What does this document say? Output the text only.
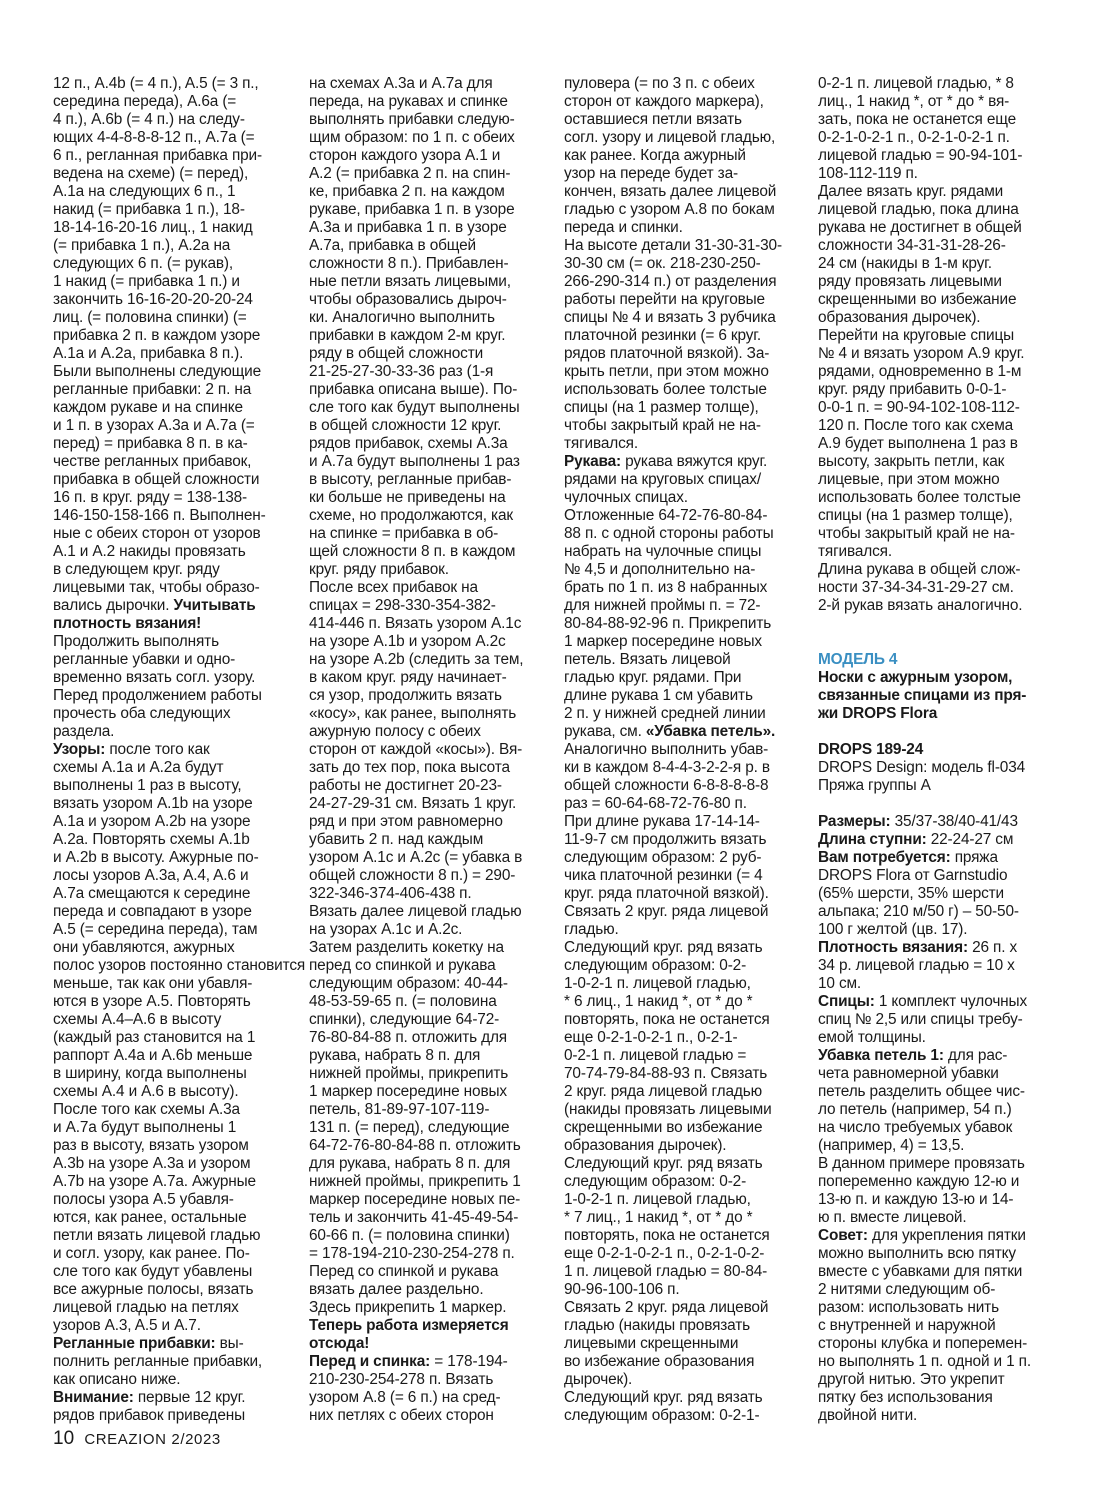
12 п., A.4b (= 4 п.), A.5 (= 3 п.,
середина переда), A.6a (=
4 п.), A.6b (= 4 п.) на следу-
ющих 4-4-8-8-8-12 п., A.7a (=
6 п., регланная прибавка при-
ведена на схеме) (= перед),
A.1a на следующих 6 п., 1
накид (= прибавка 1 п.), 18-
18-14-16-20-16 лиц., 1 накид
(= прибавка 1 п.), A.2a на
следующих 6 п. (= рукав),
1 накид (= прибавка 1 п.) и
закончить 16-16-20-20-20-24
лиц. (= половина спинки) (=
прибавка 2 п. в каждом узоре
A.1a и A.2a, прибавка 8 п.).
Были выполнены следующие
регланные прибавки: 2 п. на
каждом рукаве и на спинке
и 1 п. в узорах A.3a и A.7a (=
перед) = прибавка 8 п. в ка-
честве регланных прибавок,
прибавка в общей сложности
16 п. в круг. ряду = 138-138-
146-150-158-166 п. Выполнен-
ные с обеих сторон от узоров
A.1 и A.2 накиды провязать
в следующем круг. ряду
лицевыми так, чтобы образо-
вались дырочки. Учитывать
плотность вязания!
Продолжить выполнять
регланные убавки и одно-
временно вязать согл. узору.
Перед продолжением работы
прочесть оба следующих
раздела.
Узоры: после того как
схемы A.1a и A.2a будут
выполнены 1 раз в высоту,
вязать узором A.1b на узоре
A.1a и узором A.2b на узоре
A.2a. Повторять схемы A.1b
и A.2b в высоту. Ажурные по-
лосы узоров A.3a, A.4, A.6 и
A.7a смещаются к середине
переда и совпадают в узоре
A.5 (= середина переда), там
они убавляются, ажурных
полос узоров постоянно становится
меньше, так как они убавля-
ются в узоре A.5. Повторять
схемы A.4–A.6 в высоту
(каждый раз становится на 1
раппорт A.4a и A.6b меньше
в ширину, когда выполнены
схемы A.4 и A.6 в высоту).
После того как схемы A.3a
и A.7a будут выполнены 1
раз в высоту, вязать узором
A.3b на узоре A.3a и узором
A.7b на узоре A.7a. Ажурные
полосы узора A.5 убавля-
ются, как ранее, остальные
петли вязать лицевой гладью
и согл. узору, как ранее. По-
сле того как будут убавлены
все ажурные полосы, вязать
лицевой гладью на петлях
узоров A.3, A.5 и A.7.
Регланные прибавки: вы-
полнить регланные прибавки,
как описано ниже.
Внимание: первые 12 круг.
рядов прибавок приведены
на схемах A.3a и A.7a для
переда, на рукавах и спинке
выполнять прибавки следую-
щим образом: по 1 п. с обеих
сторон каждого узора A.1 и
A.2 (= прибавка 2 п. на спин-
ке, прибавка 2 п. на каждом
рукаве, прибавка 1 п. в узоре
A.3a и прибавка 1 п. в узоре
A.7a, прибавка в общей
сложности 8 п.). Прибавлен-
ные петли вязать лицевыми,
чтобы образовались дыроч-
ки. Аналогично выполнить
прибавки в каждом 2-м круг.
ряду в общей сложности
21-25-27-30-33-36 раз (1-я
прибавка описана выше). По-
сле того как будут выполнены
в общей сложности 12 круг.
рядов прибавок, схемы A.3a
и A.7a будут выполнены 1 раз
в высоту, регланные прибав-
ки больше не приведены на
схеме, но продолжаются, как
на спинке = прибавка в об-
щей сложности 8 п. в каждом
круг. ряду прибавок.
После всех прибавок на
спицах = 298-330-354-382-
414-446 п. Вязать узором A.1c
на узоре A.1b и узором A.2c
на узоре A.2b (следить за тем,
в каком круг. ряду начинает-
ся узор, продолжить вязать
«косу», как ранее, выполнять
ажурную полосу с обеих
сторон от каждой «косы»). Вя-
зать до тех пор, пока высота
работы не достигнет 20-23-
24-27-29-31 см. Вязать 1 круг.
ряд и при этом равномерно
убавить 2 п. над каждым
узором A.1c и A.2c (= убавка в
общей сложности 8 п.) = 290-
322-346-374-406-438 п.
Вязать далее лицевой гладью
на узорах A.1c и A.2c.
Затем разделить кокетку на
перед со спинкой и рукава
следующим образом: 40-44-
48-53-59-65 п. (= половина
спинки), следующие 64-72-
76-80-84-88 п. отложить для
рукава, набрать 8 п. для
нижней проймы, прикрепить
1 маркер посередине новых
петель, 81-89-97-107-119-
131 п. (= перед), следующие
64-72-76-80-84-88 п. отложить
для рукава, набрать 8 п. для
нижней проймы, прикрепить 1
маркер посередине новых пе-
тель и закончить 41-45-49-54-
60-66 п. (= половина спинки)
= 178-194-210-230-254-278 п.
Перед со спинкой и рукава
вязать далее раздельно.
Здесь прикрепить 1 маркер.
Теперь работа измеряется
отсюда!
Перед и спинка: = 178-194-
210-230-254-278 п. Вязать
узором A.8 (= 6 п.) на сред-
них петлях с обеих сторон
пуловера (= по 3 п. с обеих
сторон от каждого маркера),
оставшиеся петли вязать
согл. узору и лицевой гладью,
как ранее. Когда ажурный
узор на переде будет за-
кончен, вязать далее лицевой
гладью с узором A.8 по бокам
переда и спинки.
На высоте детали 31-30-31-30-
30-30 см (= ок. 218-230-250-
266-290-314 п.) от разделения
работы перейти на круговые
спицы № 4 и вязать 3 рубчика
платочной резинки (= 6 круг.
рядов платочной вязкой). За-
крыть петли, при этом можно
использовать более толстые
спицы (на 1 размер толще),
чтобы закрытый край не на-
тягивался.
Рукава: рукава вяжутся круг.
рядами на круговых спицах/
чулочных спицах.
Отложенные 64-72-76-80-84-
88 п. с одной стороны работы
набрать на чулочные спицы
№ 4,5 и дополнительно на-
брать по 1 п. из 8 набранных
для нижней проймы п. = 72-
80-84-88-92-96 п. Прикрепить
1 маркер посередине новых
петель. Вязать лицевой
гладью круг. рядами. При
длине рукава 1 см убавить
2 п. у нижней средней линии
рукава, см. «Убавка петель».
Аналогично выполнить убав-
ки в каждом 8-4-4-3-2-2-я р. в
общей сложности 6-8-8-8-8-8
раз = 60-64-68-72-76-80 п.
При длине рукава 17-14-14-
11-9-7 см продолжить вязать
следующим образом: 2 руб-
чика платочной резинки (= 4
круг. ряда платочной вязкой).
Связать 2 круг. ряда лицевой
гладью.
Следующий круг. ряд вязать
следующим образом: 0-2-
1-0-2-1 п. лицевой гладью,
* 6 лиц., 1 накид *, от * до *
повторять, пока не останется
еще 0-2-1-0-2-1 п., 0-2-1-
0-2-1 п. лицевой гладью =
70-74-79-84-88-93 п. Связать
2 круг. ряда лицевой гладью
(накиды провязать лицевыми
скрещенными во избежание
образования дырочек).
Следующий круг. ряд вязать
следующим образом: 0-2-
1-0-2-1 п. лицевой гладью,
* 7 лиц., 1 накид *, от * до *
повторять, пока не останется
еще 0-2-1-0-2-1 п., 0-2-1-0-2-
1 п. лицевой гладью = 80-84-
90-96-100-106 п.
Связать 2 круг. ряда лицевой
гладью (накиды провязать
лицевыми скрещенными
во избежание образования
дырочек).
Следующий круг. ряд вязать
следующим образом: 0-2-1-
0-2-1 п. лицевой гладью, * 8
лиц., 1 накид *, от * до * вя-
зать, пока не останется еще
0-2-1-0-2-1 п., 0-2-1-0-2-1 п.
лицевой гладью = 90-94-101-
108-112-119 п.
Далее вязать круг. рядами
лицевой гладью, пока длина
рукава не достигнет в общей
сложности 34-31-31-28-26-
24 см (накиды в 1-м круг.
ряду провязать лицевыми
скрещенными во избежание
образования дырочек).
Перейти на круговые спицы
№ 4 и вязать узором A.9 круг.
рядами, одновременно в 1-м
круг. ряду прибавить 0-0-1-
0-0-1 п. = 90-94-102-108-112-
120 п. После того как схема
A.9 будет выполнена 1 раз в
высоту, закрыть петли, как
лицевые, при этом можно
использовать более толстые
спицы (на 1 размер толще),
чтобы закрытый край не на-
тягивался.
Длина рукава в общей слож-
ности 37-34-34-31-29-27 см.
2-й рукав вязать аналогично.
МОДЕЛЬ 4
Носки с ажурным узором,
связанные спицами из пря-
жи DROPS Flora
DROPS 189-24
DROPS Design: модель fl-034
Пряжа группы A
Размеры: 35/37-38/40-41/43
Длина ступни: 22-24-27 см
Вам потребуется: пряжа
DROPS Flora от Garnstudio
(65% шерсти, 35% шерсти
альпака; 210 м/50 г) – 50-50-
100 г желтой (цв. 17).
Плотность вязания: 26 п. x
34 р. лицевой гладью = 10 x
10 см.
Спицы: 1 комплект чулочных
спиц № 2,5 или спицы требу-
емой толщины.
Убавка петель 1: для рас-
чета равномерной убавки
петель разделить общее чис-
ло петель (например, 54 п.)
на число требуемых убавок
(например, 4) = 13,5.
В данном примере провязать
попеременно каждую 12-ю и
13-ю п. и каждую 13-ю и 14-
ю п. вместе лицевой.
Совет: для укрепления пятки
можно выполнить всю пятку
вместе с убавками для пятки
2 нитями следующим об-
разом: использовать нить
с внутренней и наружной
стороны клубка и поперемен-
но выполнять 1 п. одной и 1 п.
другой нитью. Это укрепит
пятку без использования
двойной нити.
10 CREAZION 2/2023
